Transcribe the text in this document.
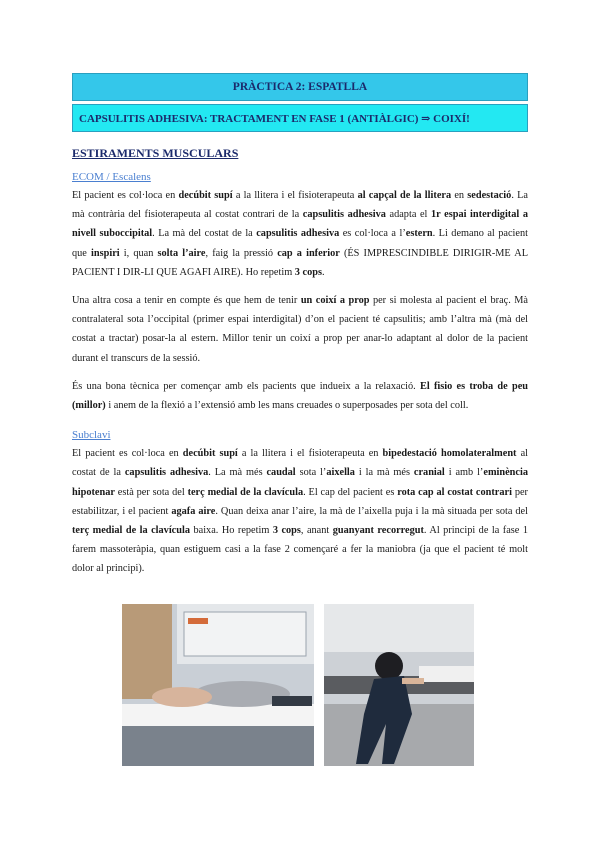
PRÀCTICA 2: ESPATLLA
CAPSULITIS ADHESIVA: TRACTAMENT EN FASE 1 (ANTIÀLGIC) ⇒ COIXÍ!
ESTIRAMENTS MUSCULARS
ECOM / Escalens

El pacient es col·loca en decúbit supí a la llitera i el fisioterapeuta al capçal de la llitera en sedestació. La mà contrària del fisioterapeuta al costat contrari de la capsulitis adhesiva adapta el 1r espai interdigital a nivell suboccipital. La mà del costat de la capsulitis adhesiva es col·loca a l’estern. Li demano al pacient que inspiri i, quan solta l’aire, faig la pressió cap a inferior (ÉS IMPRESCINDIBLE DIRIGIR-ME AL PACIENT I DIR-LI QUE AGAFI AIRE). Ho repetim 3 cops.

Una altra cosa a tenir en compte és que hem de tenir un coixí a prop per si molesta al pacient el braç. Mà contralateral sota l’occipital (primer espai interdigital) d’on el pacient té capsulitis; amb l’altra mà (mà del costat a tractar) posar-la al estern. Millor tenir un coixí a prop per anar-lo adaptant al dolor de la pacient durant el transcurs de la sessió.

És una bona tècnica per començar amb els pacients que indueix a la relaxació. El fisio es troba de peu (millor) i anem de la flexió a l’extensió amb les mans creuades o superposades per sota del coll.

Subclavi

El pacient es col·loca en decúbit supí a la llitera i el fisioterapeuta en bipedestació homolateralment al costat de la capsulitis adhesiva. La mà més caudal sota l’aixella i la mà més cranial i amb l’eminència hipotenar està per sota del terç medial de la clavícula. El cap del pacient es rota cap al costat contrari per estabilitzar, i el pacient agafa aire. Quan deixa anar l’aire, la mà de l’aixella puja i la mà situada per sota del terç medial de la clavícula baixa. Ho repetim 3 cops, anant guanyant recorregut. Al principi de la fase 1 farem massoteràpia, quan estiguem casi a la fase 2 començaré a fer la maniobra (ja que el pacient té molt dolor al principi).
